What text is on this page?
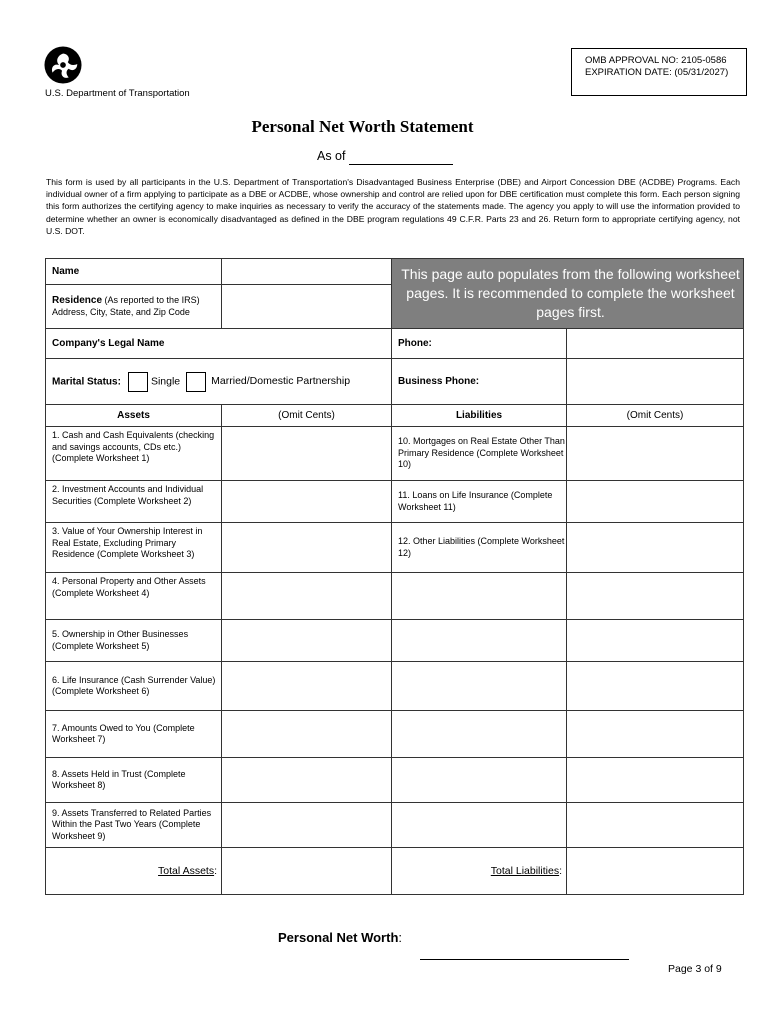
U.S. Department of Transportation
OMB APPROVAL NO: 2105-0586
EXPIRATION DATE: (05/31/2027)
Personal Net Worth Statement
As of
This form is used by all participants in the U.S. Department of Transportation's Disadvantaged Business Enterprise (DBE) and Airport Concession DBE (ACDBE) Programs. Each individual owner of a firm applying to participate as a DBE or ACDBE, whose ownership and control are relied upon for DBE certification must complete this form. Each person signing this form authorizes the certifying agency to make inquiries as necessary to verify the accuracy of the statements made. The agency you apply to will use the information provided to determine whether an owner is economically disadvantaged as defined in the DBE program regulations 49 C.F.R. Parts 23 and 26. Return form to appropriate certifying agency, not U.S. DOT.
Name		This page auto populates from the following worksheet pages. It is recommended to complete the worksheet pages first.	
Residence (As reported to the IRS) Address, City, State, and Zip Code			
Company's Legal Name		Phone:	
Marital Status: Single Married/Domestic Partnership		Business Phone:	
Assets	(Omit Cents)	Liabilities	(Omit Cents)
1. Cash and Cash Equivalents (checking and savings accounts, CDs etc.) (Complete Worksheet 1)		10. Mortgages on Real Estate Other Than Primary Residence (Complete Worksheet 10)	
2. Investment Accounts and Individual Securities (Complete Worksheet 2)		11. Loans on Life Insurance (Complete Worksheet 11)	
3. Value of Your Ownership Interest in Real Estate, Excluding Primary Residence (Complete Worksheet 3)		12. Other Liabilities (Complete Worksheet 12)	
4. Personal Property and Other Assets (Complete Worksheet 4)			
5. Ownership in Other Businesses (Complete Worksheet 5)			
6. Life Insurance (Cash Surrender Value) (Complete Worksheet 6)			
7. Amounts Owed to You (Complete Worksheet 7)			
8. Assets Held in Trust (Complete Worksheet 8)			
9. Assets Transferred to Related Parties Within the Past Two Years (Complete Worksheet 9)			
Total Assets:		Total Liabilities:	
Personal Net Worth:
Page 3 of 9
